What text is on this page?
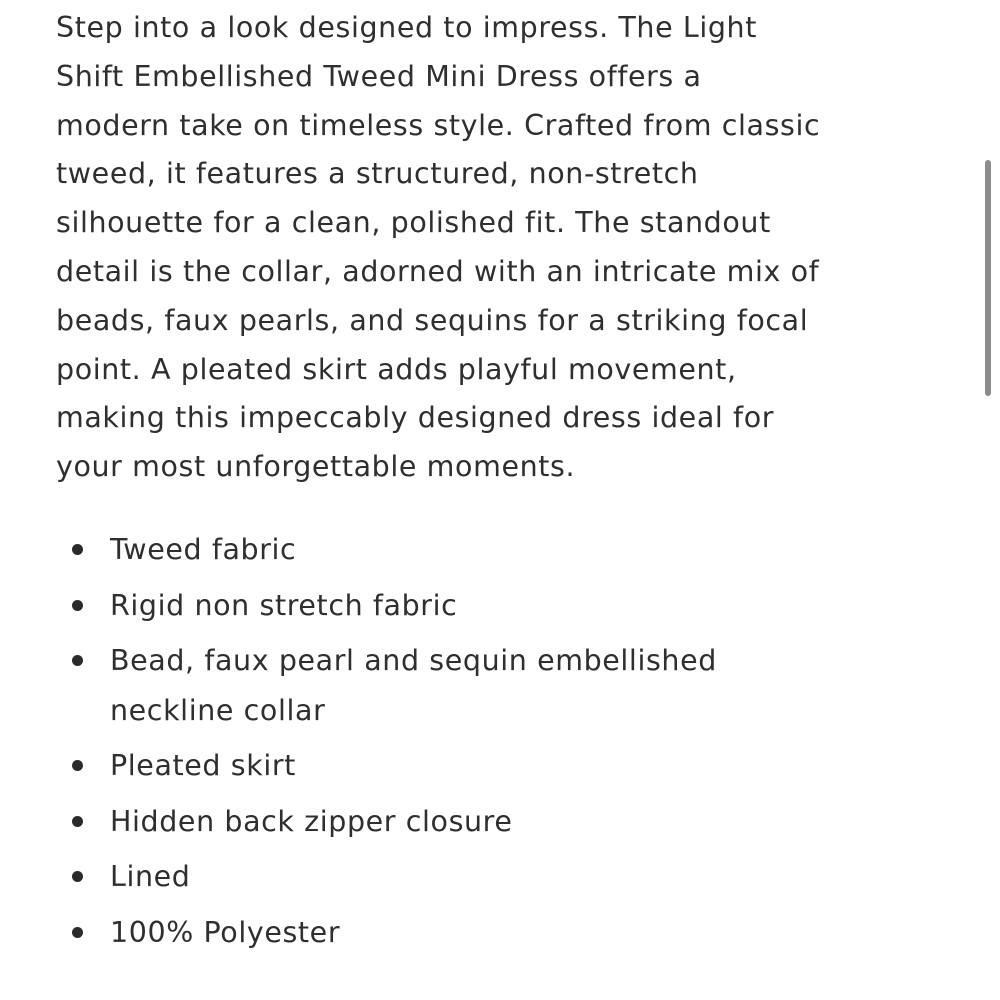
Step into a look designed to impress. The Light
Shift Embellished Tweed Mini Dress offers a
modern take on timeless style. Crafted from classic
tweed, it features a structured, non-stretch
silhouette for a clean, polished fit. The standout
detail is the collar, adorned with an intricate mix of
beads, faux pearls, and sequins for a striking focal
point. A pleated skirt adds playful movement,
making this impeccably designed dress ideal for
your most unforgettable moments.
Tweed fabric
Rigid non stretch fabric
Bead, faux pearl and sequin embellished
neckline collar
Pleated skirt
Hidden back zipper closure
Lined
100% Polyester
